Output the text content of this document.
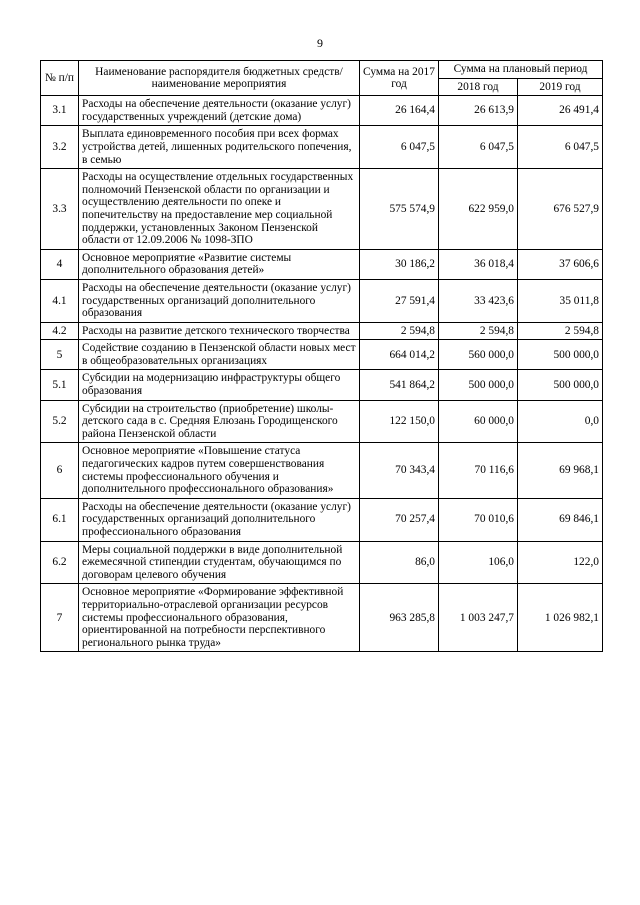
9
№ п/п	Наименование распорядителя бюджетных средств/наименование мероприятия	Сумма на 2017 год	Сумма на плановый период	
			2018 год	2019 год
3.1	Расходы на обеспечение деятельности (оказание услуг) государственных учреждений (детские дома)	26 164,4	26 613,9	26 491,4
3.2	Выплата единовременного пособия при всех формах устройства детей, лишенных родительского попечения, в семью	6 047,5	6 047,5	6 047,5
3.3	Расходы на осуществление отдельных государственных полномочий Пензенской области по организации и осуществлению деятельности по опеке и попечительству на предоставление мер социальной поддержки, установленных Законом Пензенской области от 12.09.2006 № 1098-ЗПО	575 574,9	622 959,0	676 527,9
4	Основное мероприятие «Развитие системы дополнительного образования детей»	30 186,2	36 018,4	37 606,6
4.1	Расходы на обеспечение деятельности (оказание услуг) государственных организаций дополнительного образования	27 591,4	33 423,6	35 011,8
4.2	Расходы на развитие детского технического творчества	2 594,8	2 594,8	2 594,8
5	Содействие созданию в Пензенской области новых мест в общеобразовательных организациях	664 014,2	560 000,0	500 000,0
5.1	Субсидии на модернизацию инфраструктуры общего образования	541 864,2	500 000,0	500 000,0
5.2	Субсидии на строительство (приобретение) школы-детского сада в с. Средняя Елюзань Городищенского района Пензенской области	122 150,0	60 000,0	0,0
6	Основное мероприятие «Повышение статуса педагогических кадров путем совершенствования системы профессионального обучения и дополнительного профессионального образования»	70 343,4	70 116,6	69 968,1
6.1	Расходы на обеспечение деятельности (оказание услуг) государственных организаций дополнительного профессионального образования	70 257,4	70 010,6	69 846,1
6.2	Меры социальной поддержки в виде дополнительной ежемесячной стипендии студентам, обучающимся по договорам целевого обучения	86,0	106,0	122,0
7	Основное мероприятие «Формирование эффективной территориально-отраслевой организации ресурсов системы профессионального образования, ориентированной на потребности перспективного регионального рынка труда»	963 285,8	1 003 247,7	1 026 982,1
